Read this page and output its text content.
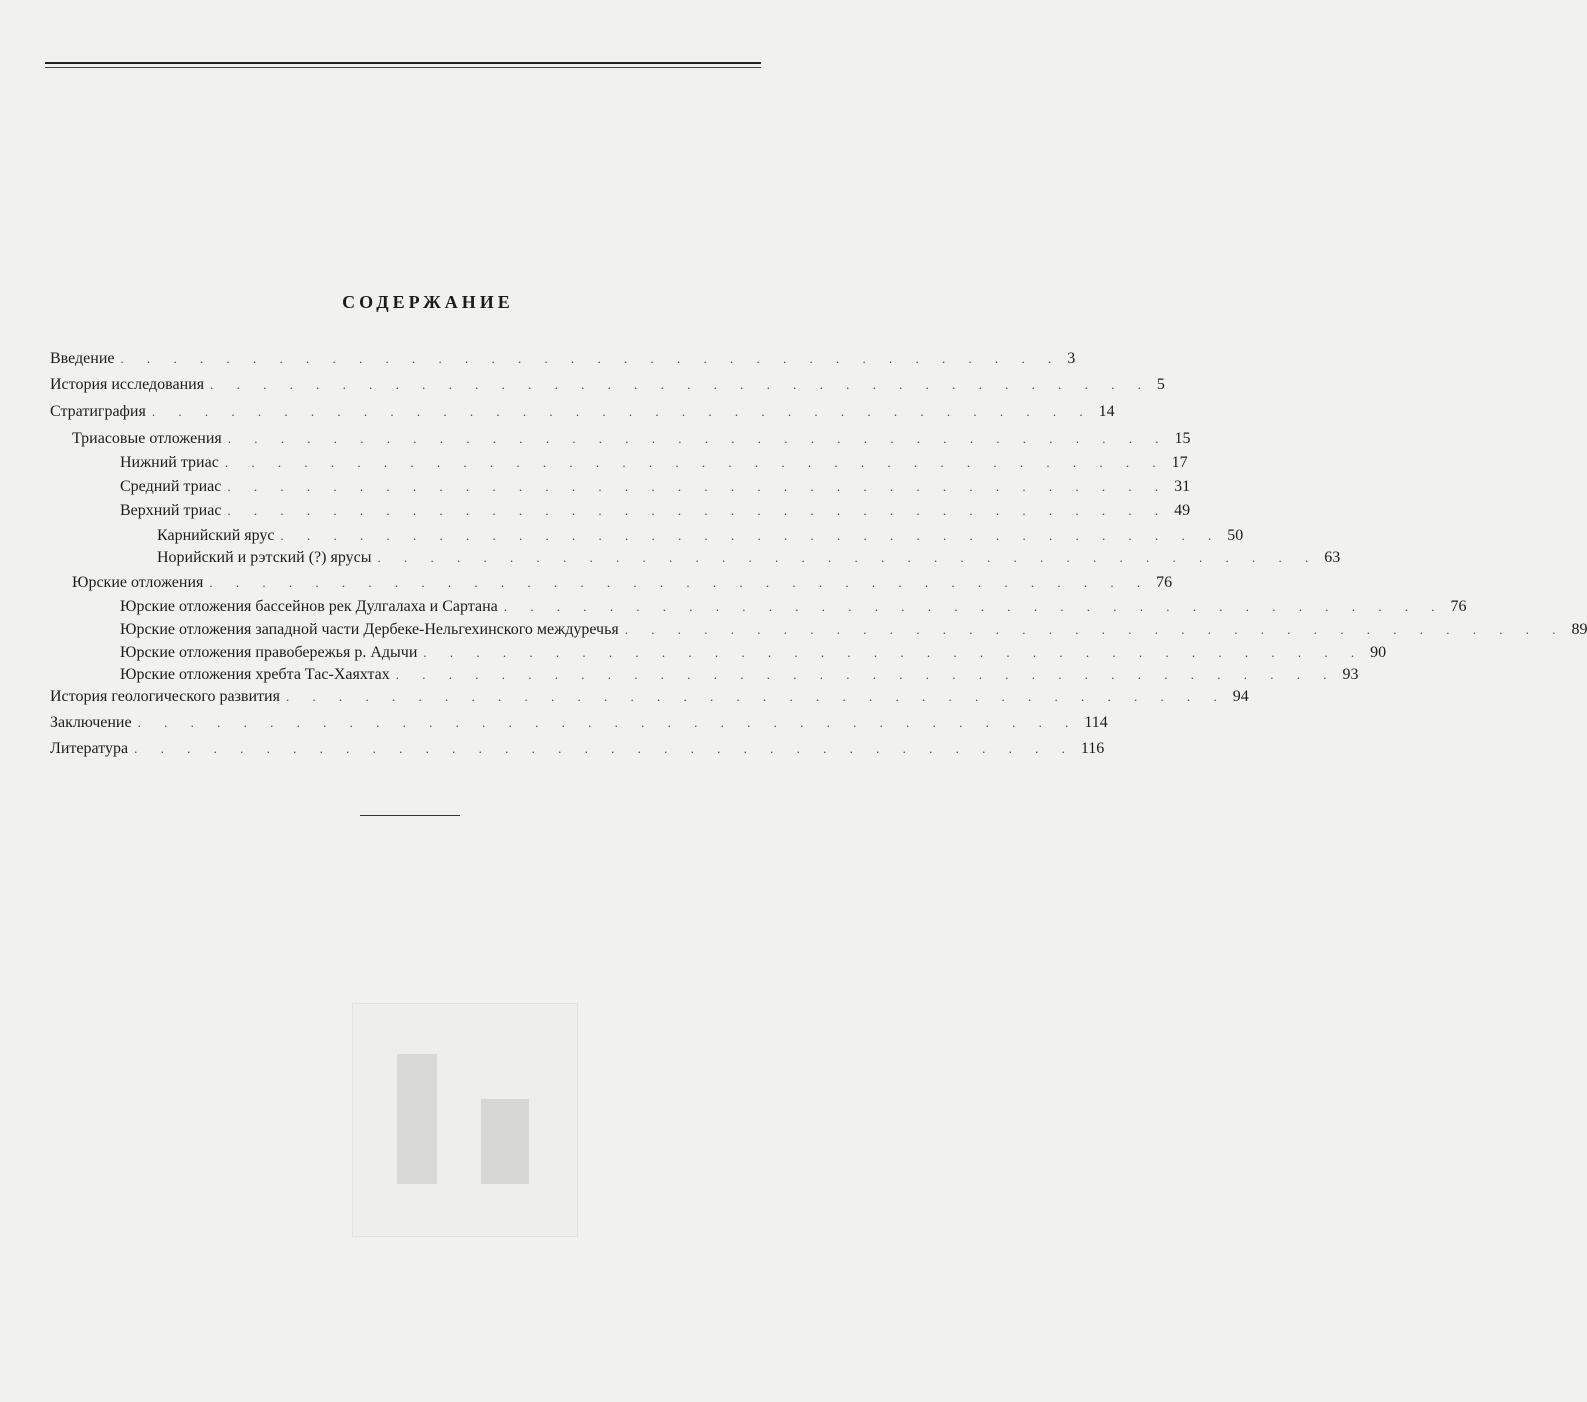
СОДЕРЖАНИЕ
Введение . . . . . . . . . . . . . . . . . . . . . . . . . . . . . . . . . . . . 3
История исследования . . . . . . . . . . . . . . . . . . . . . . . . . . . . . . . . . . . . 5
Стратиграфия . . . . . . . . . . . . . . . . . . . . . . . . . . . . . . . . . . . . 14
Триасовые отложения . . . . . . . . . . . . . . . . . . . . . . . . . . . . . . . . . . . . 15
Нижний триас . . . . . . . . . . . . . . . . . . . . . . . . . . . . . . . . . . . . 17
Средний триас . . . . . . . . . . . . . . . . . . . . . . . . . . . . . . . . . . . . 31
Верхний триас . . . . . . . . . . . . . . . . . . . . . . . . . . . . . . . . . . . . 49
Карнийский ярус . . . . . . . . . . . . . . . . . . . . . . . . . . . . . . . . . . . . 50
Норийский и рэтский (?) ярусы . . . . . . . . . . . . . . . . . . . . . . . . . . . . . . . . . . . . 63
Юрские отложения . . . . . . . . . . . . . . . . . . . . . . . . . . . . . . . . . . . . 76
Юрские отложения бассейнов рек Дулгалаха и Сартана . . . . . . . . . . . . . . . . . . . . . . . . . . . . . . . . . . . . 76
Юрские отложения западной части Дербеке-Нельгехинского междуречья . . . . . . . . . . . . . . . . . . . . . . . . . . . . . . . . . . . . 89
Юрские отложения правобережья р. Адычи . . . . . . . . . . . . . . . . . . . . . . . . . . . . . . . . . . . . 90
Юрские отложения хребта Тас-Хаяхтах . . . . . . . . . . . . . . . . . . . . . . . . . . . . . . . . . . . . 93
История геологического развития . . . . . . . . . . . . . . . . . . . . . . . . . . . . . . . . . . . . 94
Заключение . . . . . . . . . . . . . . . . . . . . . . . . . . . . . . . . . . . . 114
Литература . . . . . . . . . . . . . . . . . . . . . . . . . . . . . . . . . . . . 116
